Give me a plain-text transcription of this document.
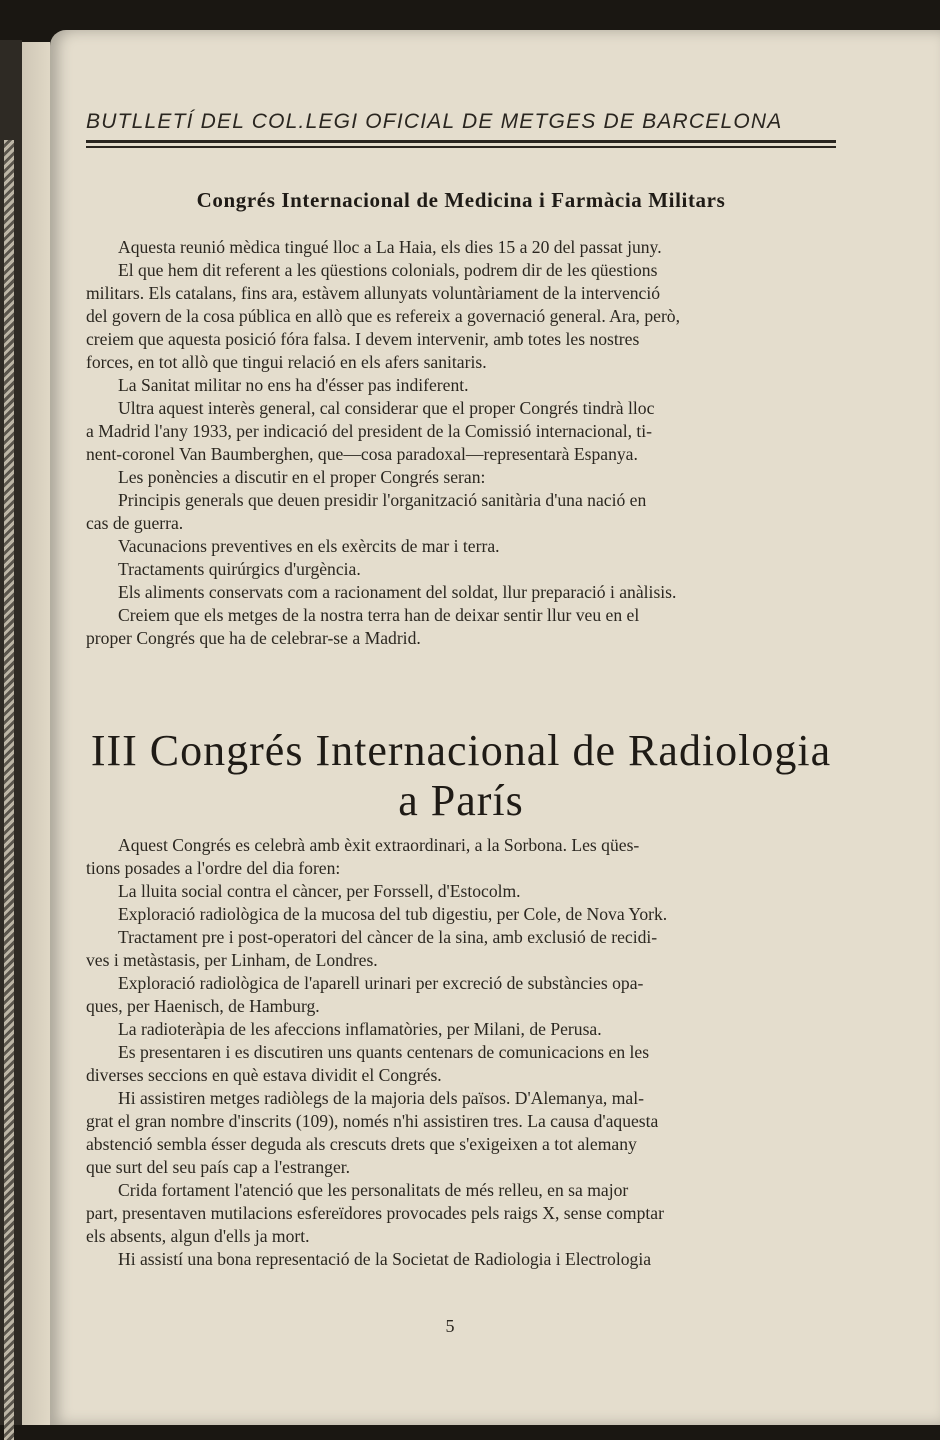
BUTLLETÍ DEL COL.LEGI OFICIAL DE METGES DE BARCELONA
Congrés Internacional de Medicina i Farmàcia Militars

Aquesta reunió mèdica tingué lloc a La Haia, els dies 15 a 20 del passat juny.

El que hem dit referent a les qüestions colonials, podrem dir de les qüestions

militars. Els catalans, fins ara, estàvem allunyats voluntàriament de la intervenció

del govern de la cosa pública en allò que es refereix a governació general. Ara, però,

creiem que aquesta posició fóra falsa. I devem intervenir, amb totes les nostres

forces, en tot allò que tingui relació en els afers sanitaris.

La Sanitat militar no ens ha d'ésser pas indiferent.

Ultra aquest interès general, cal considerar que el proper Congrés tindrà lloc

a Madrid l'any 1933, per indicació del president de la Comissió internacional, ti-

nent-coronel Van Baumberghen, que—cosa paradoxal—representarà Espanya.

Les ponències a discutir en el proper Congrés seran:

Principis generals que deuen presidir l'organització sanitària d'una nació en

cas de guerra.

Vacunacions preventives en els exèrcits de mar i terra.

Tractaments quirúrgics d'urgència.

Els aliments conservats com a racionament del soldat, llur preparació i anàlisis.

Creiem que els metges de la nostra terra han de deixar sentir llur veu en el

proper Congrés que ha de celebrar-se a Madrid.

III Congrés Internacional de Radiologia
a París

Aquest Congrés es celebrà amb èxit extraordinari, a la Sorbona. Les qües-

tions posades a l'ordre del dia foren:

La lluita social contra el càncer, per Forssell, d'Estocolm.

Exploració radiològica de la mucosa del tub digestiu, per Cole, de Nova York.

Tractament pre i post-operatori del càncer de la sina, amb exclusió de recidi-

ves i metàstasis, per Linham, de Londres.

Exploració radiològica de l'aparell urinari per excreció de substàncies opa-

ques, per Haenisch, de Hamburg.

La radioteràpia de les afeccions inflamatòries, per Milani, de Perusa.

Es presentaren i es discutiren uns quants centenars de comunicacions en les

diverses seccions en què estava dividit el Congrés.

Hi assistiren metges radiòlegs de la majoria dels països. D'Alemanya, mal-

grat el gran nombre d'inscrits (109), només n'hi assistiren tres. La causa d'aquesta

abstenció sembla ésser deguda als crescuts drets que s'exigeixen a tot alemany

que surt del seu país cap a l'estranger.

Crida fortament l'atenció que les personalitats de més relleu, en sa major

part, presentaven mutilacions esfereïdores provocades pels raigs X, sense comptar

els absents, algun d'ells ja mort.

Hi assistí una bona representació de la Societat de Radiologia i Electrologia

5
